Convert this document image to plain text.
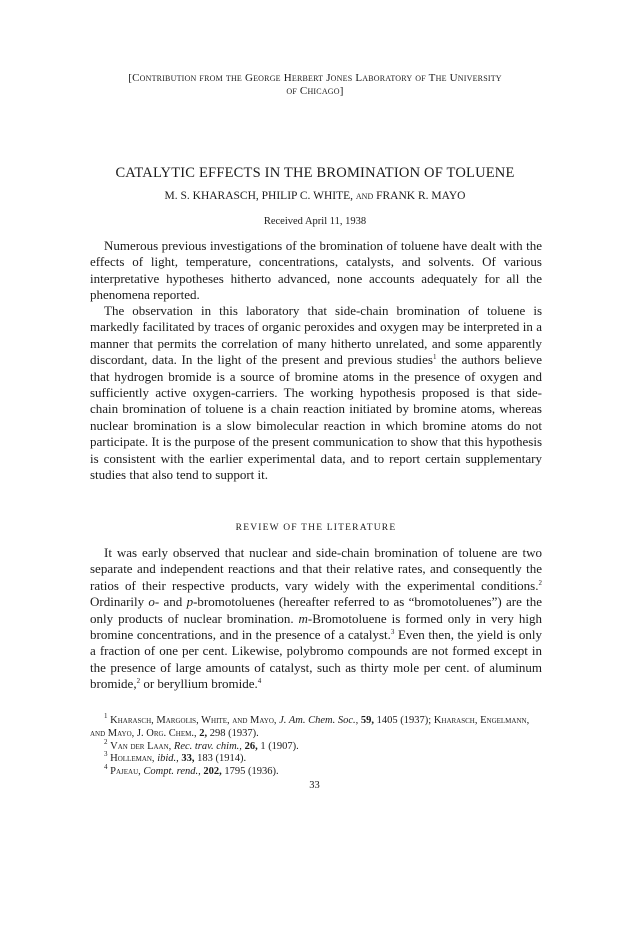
[Contribution from the George Herbert Jones Laboratory of The University
of Chicago]
CATALYTIC EFFECTS IN THE BROMINATION OF TOLUENE
M. S. KHARASCH, PHILIP C. WHITE, and FRANK R. MAYO
Received April 11, 1938

Numerous previous investigations of the bromination of toluene have dealt with the effects of light, temperature, concentrations, catalysts, and solvents. Of various interpretative hypotheses hitherto advanced, none accounts adequately for all the phenomena reported.

The observation in this laboratory that side-chain bromination of toluene is markedly facilitated by traces of organic peroxides and oxygen may be interpreted in a manner that permits the correlation of many hitherto unrelated, and some apparently discordant, data. In the light of the present and previous studies$^1$ the authors believe that hydrogen bromide is a source of bromine atoms in the presence of oxygen and sufficiently active oxygen-carriers. The working hypothesis proposed is that side-chain bromination of toluene is a chain reaction initiated by bromine atoms, whereas nuclear bromination is a slow bimolecular reaction in which bromine atoms do not participate. It is the purpose of the present communication to show that this hypothesis is consistent with the earlier experimental data, and to report certain supplementary studies that also tend to support it.

REVIEW OF THE LITERATURE

It was early observed that nuclear and side-chain bromination of toluene are two separate and independent reactions and that their relative rates, and consequently the ratios of their respective products, vary widely with the experimental conditions.$^2$ Ordinarily o- and p-bromotoluenes (hereafter referred to as “bromotoluenes”) are the only products of nuclear bromination. m-Bromotoluene is formed only in very high bromine concentrations, and in the presence of a catalyst.$^3$ Even then, the yield is only a fraction of one per cent. Likewise, polybromo compounds are not formed except in the presence of large amounts of catalyst, such as thirty mole per cent. of aluminum bromide,$^2$ or beryllium bromide.$^4$

$^1$ Kharasch, Margolis, White, and Mayo, J. Am. Chem. Soc., 59, 1405 (1937); Kharasch, Engelmann, and Mayo, J. Org. Chem., 2, 298 (1937).
$^2$ Van der Laan, Rec. trav. chim., 26, 1 (1907).
$^3$ Holleman, ibid., 33, 183 (1914).
$^4$ Pajeau, Compt. rend., 202, 1795 (1936).
33
